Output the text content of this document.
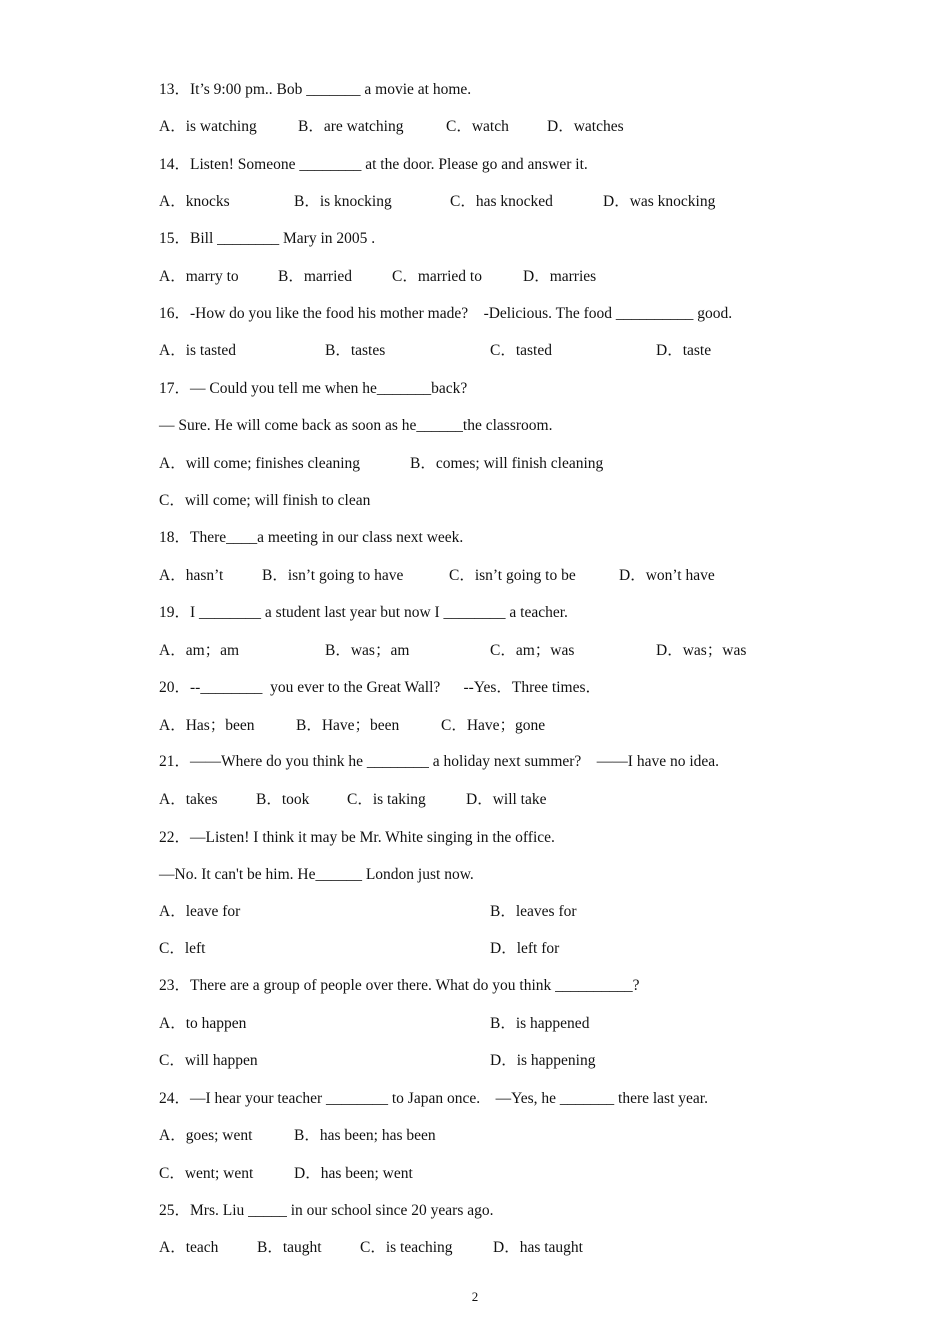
13．It’s 9:00 pm.. Bob _______ a movie at home.
A．is watching	B．are watching	C．watch D．watches
14．Listen! Someone ________ at the door. Please go and answer it.
A．knocks	B．is knocking	C．has knocked	D．was knocking
15．Bill ________ Mary in 2005 .
A．marry to	B．married	C．married to	D．marries
16．-How do you like the food his mother made?    -Delicious. The food __________ good.
A．is tasted	B．tastes	C．tasted	D．taste
17．— Could you tell me when he_______back?
— Sure. He will come back as soon as he______the classroom.
A．will come; finishes cleaning	B．comes; will finish cleaning
C．will come; will finish to clean
18．There____a meeting in our class next week.
A．hasn’t B．isn’t going to have	C．isn’t going to be	D．won’t have
19．I ________ a student last year but now I ________ a teacher.
A．am；am	B．was；am	C．am；was	D．was；was
20．--________  you ever to the Great Wall?      --Yes．Three times．
A．Has；been	B．Have；been	C．Have；gone
21．——Where do you think he ________ a holiday next summer?    ——I have no idea.
A．takes B．took C．is taking	D．will take
22．—Listen! I think it may be Mr. White singing in the office.
—No. It can't be him. He______ London just now.
A．leave for	B．leaves for
C．left	D．left for
23．There are a group of people over there. What do you think __________?
A．to happen	B．is happened
C．will happen	D．is happening
24．—I hear your teacher ________ to Japan once.    —Yes, he _______ there last year.
A．goes; went	B．has been; has been
C．went; went	D．has been; went
25．Mrs. Liu _____ in our school since 20 years ago.
A．teach B．taught C．is teaching	D．has taught
2
